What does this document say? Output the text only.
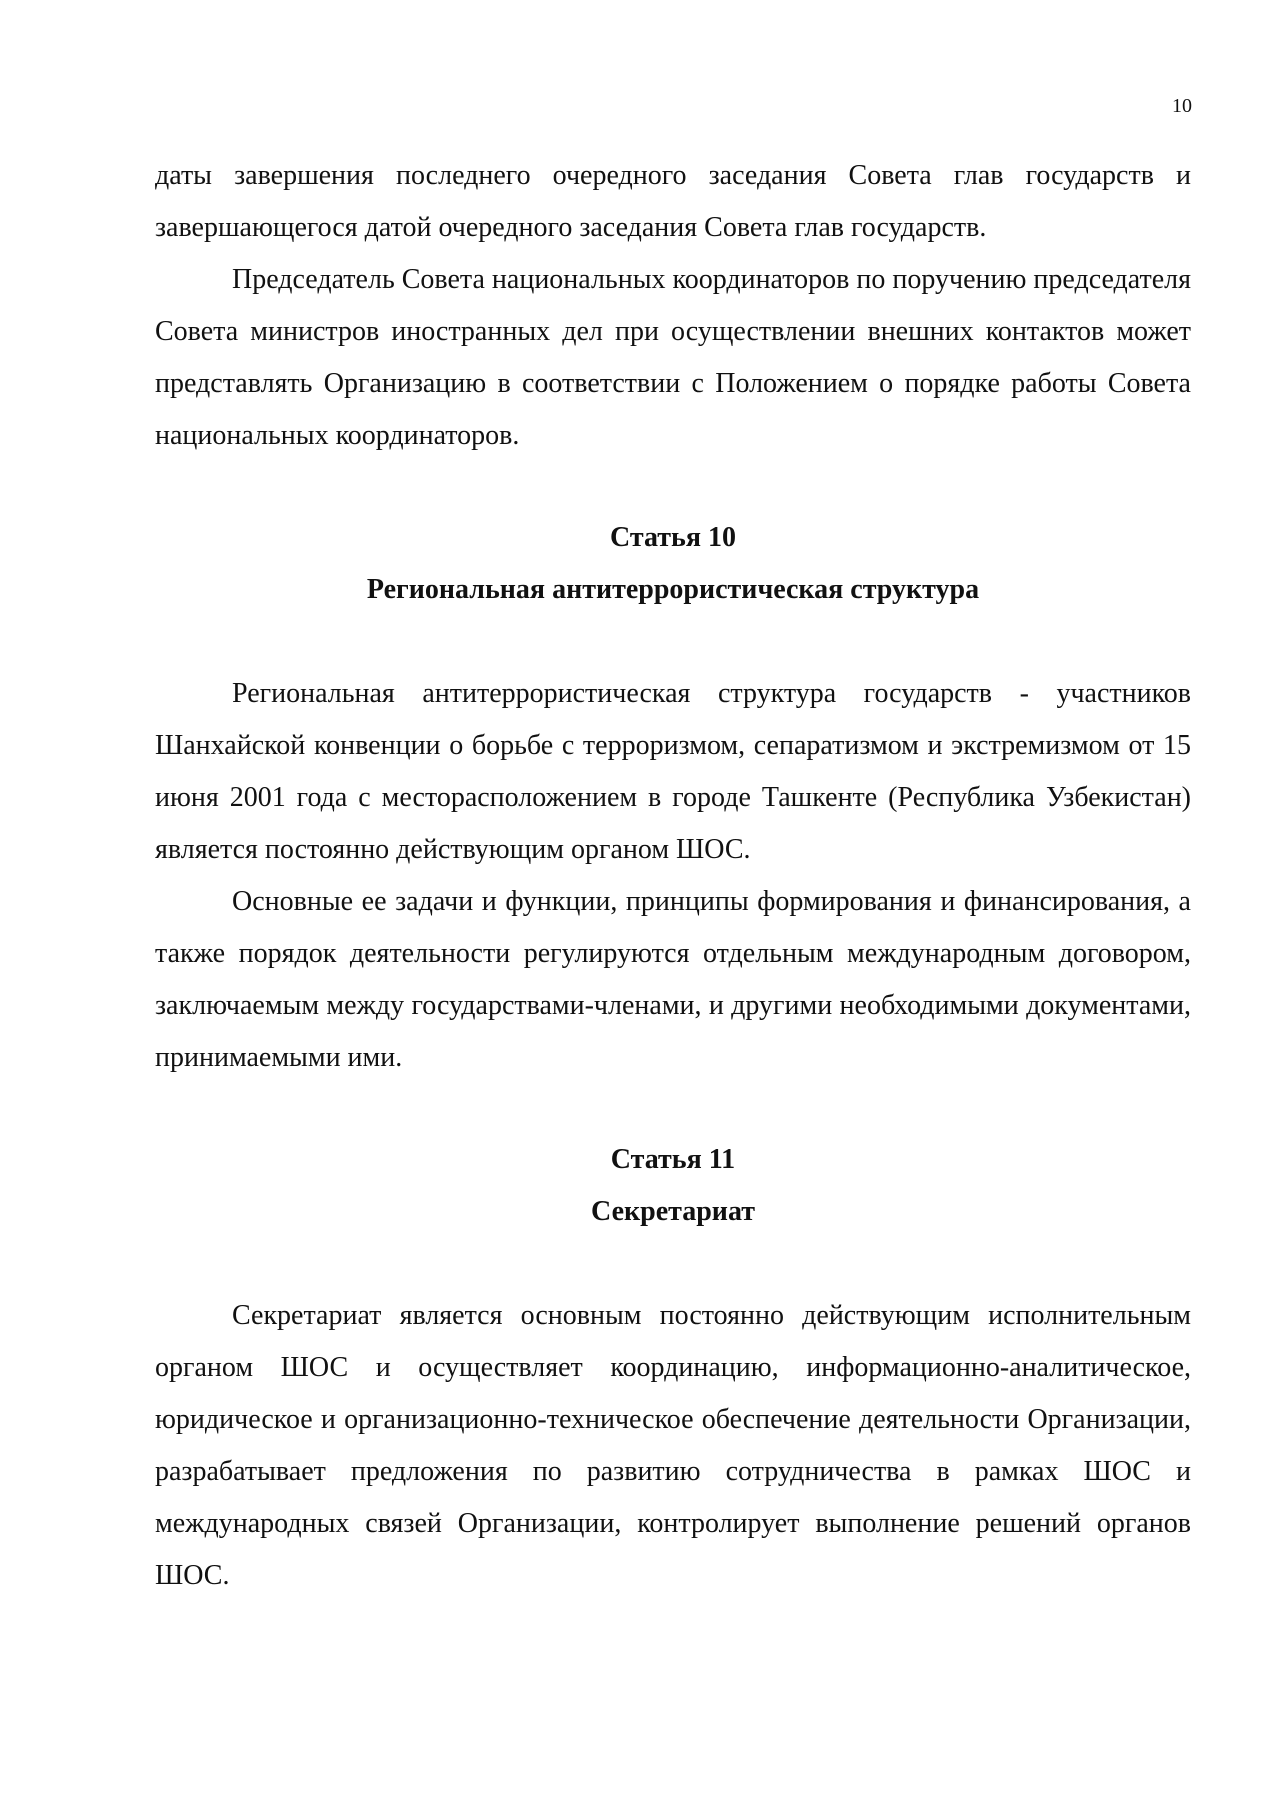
10

даты завершения последнего очередного заседания Совета глав государств и завершающегося датой очередного заседания Совета глав государств.

Председатель Совета национальных координаторов по поручению председателя Совета министров иностранных дел при осуществлении внешних контактов может представлять Организацию в соответствии с Положением о порядке работы Совета национальных координаторов.

Статья 10

Региональная антитеррористическая структура

Региональная антитеррористическая структура государств - участников Шанхайской конвенции о борьбе с терроризмом, сепаратизмом и экстремизмом от 15 июня 2001 года с месторасположением в городе Ташкенте (Республика Узбекистан) является постоянно действующим органом ШОС.

Основные ее задачи и функции, принципы формирования и финансирования, а также порядок деятельности регулируются отдельным международным договором, заключаемым между государствами-членами, и другими необходимыми документами, принимаемыми ими.

Статья 11

Секретариат

Секретариат является основным постоянно действующим исполнительным органом ШОС и осуществляет координацию, информационно-аналитическое, юридическое и организационно-техническое обеспечение деятельности Организации, разрабатывает предложения по развитию сотрудничества в рамках ШОС и международных связей Организации, контролирует выполнение решений органов ШОС.
